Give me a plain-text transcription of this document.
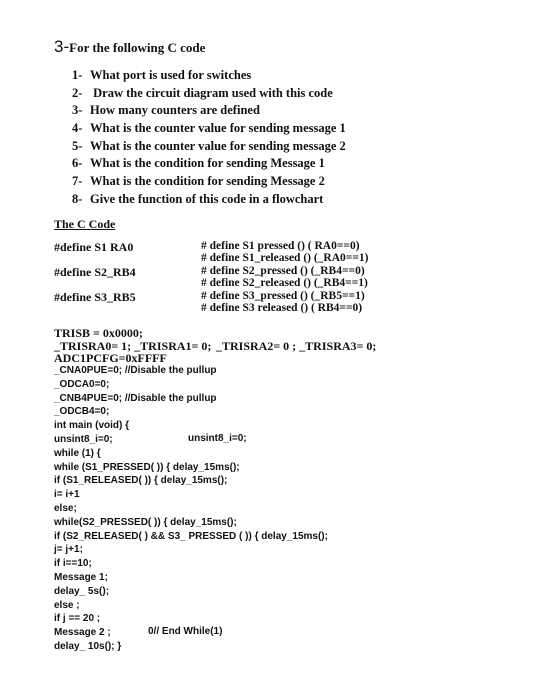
3-For the following C code
1- What port is used for switches
2- Draw the circuit diagram used with this code
3- How many counters are defined
4- What is the counter value for sending message 1
5- What is the counter value for sending message 2
6- What is the condition for sending Message 1
7- What is the condition for sending Message 2
8- Give the function of this code in a flowchart
The C Code
#define S1 RA0
#define S2_RB4
#define S3_RB5
# define S1 pressed () ( RA0==0)
# define S1_released () (_RA0==1)
# define S2_pressed () (_RB4==0)
# define S2_released () (_RB4==1)
# define S3_pressed () (_RB5==1)
# define S3 released () ( RB4==0)
TRISB = 0x0000;
_TRISRA0= 1; _TRISRA1= 0; _TRISRA2= 0 ; _TRISRA3= 0;
ADC1PCFG=0xFFFF
_CNA0PUE=0; //Disable the pullup
_ODCA0=0;
_CNB4PUE=0; //Disable the pullup
_ODCB4=0;
int main (void) {
unsint8_i=0;
while (1) {
while (S1_PRESSED( )) { delay_15ms();
if (S1_RELEASED( )) { delay_15ms();
i= i+1
else;
while(S2_PRESSED( )) { delay_15ms();
if (S2_RELEASED( ) && S3_ PRESSED ( )) { delay_15ms();
j= j+1;
if i==10;
Message 1;
delay_ 5s();
else ;
if j == 20 ;
Message 2 ;
delay_ 10s(); }
unsint8_i=0;
0// End While(1)
